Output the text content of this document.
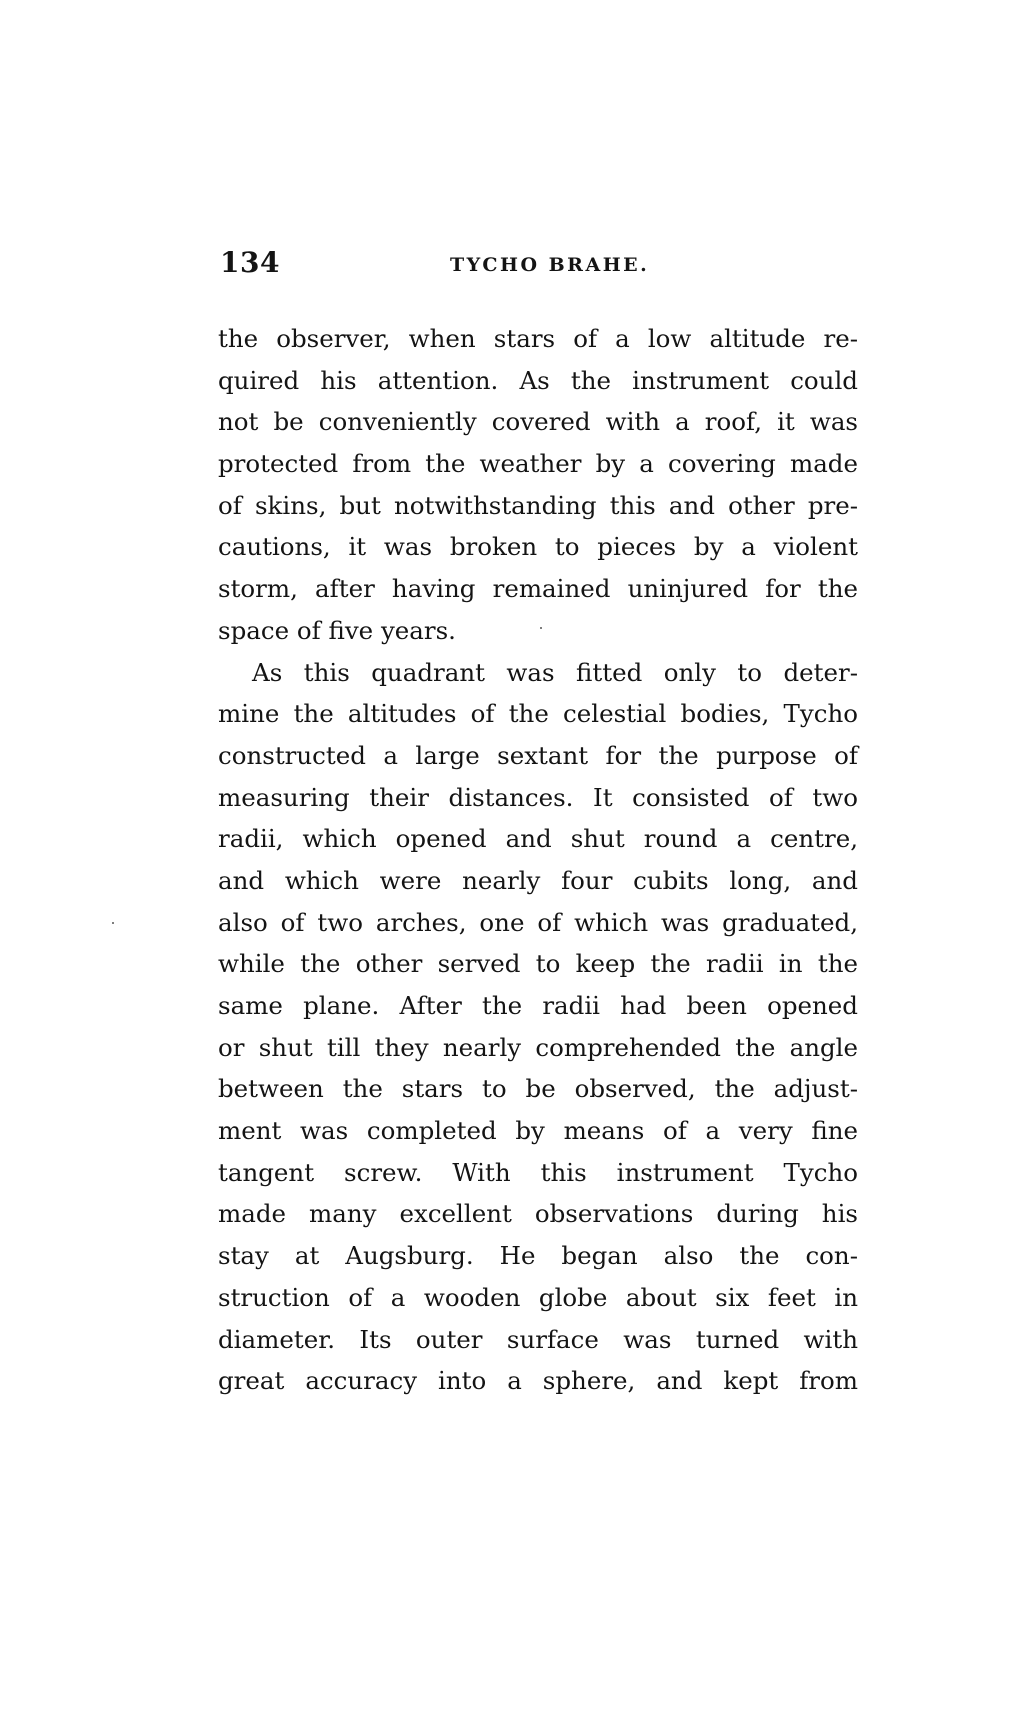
134	TYCHO BRAHE.

the observer, when stars of a low altitude re-
quired his attention. As the instrument could
not be conveniently covered with a roof, it was
protected from the weather by a covering made
of skins, but notwithstanding this and other pre-
cautions, it was broken to pieces by a violent
storm, after having remained uninjured for the
space of five years.

As this quadrant was fitted only to deter-
mine the altitudes of the celestial bodies, Tycho
constructed a large sextant for the purpose of
measuring their distances. It consisted of two
radii, which opened and shut round a centre,
and which were nearly four cubits long, and
also of two arches, one of which was graduated,
while the other served to keep the radii in the
same plane. After the radii had been opened
or shut till they nearly comprehended the angle
between the stars to be observed, the adjust-
ment was completed by means of a very fine
tangent screw. With this instrument Tycho
made many excellent observations during his
stay at Augsburg. He began also the con-
struction of a wooden globe about six feet in
diameter. Its outer surface was turned with
great accuracy into a sphere, and kept from
